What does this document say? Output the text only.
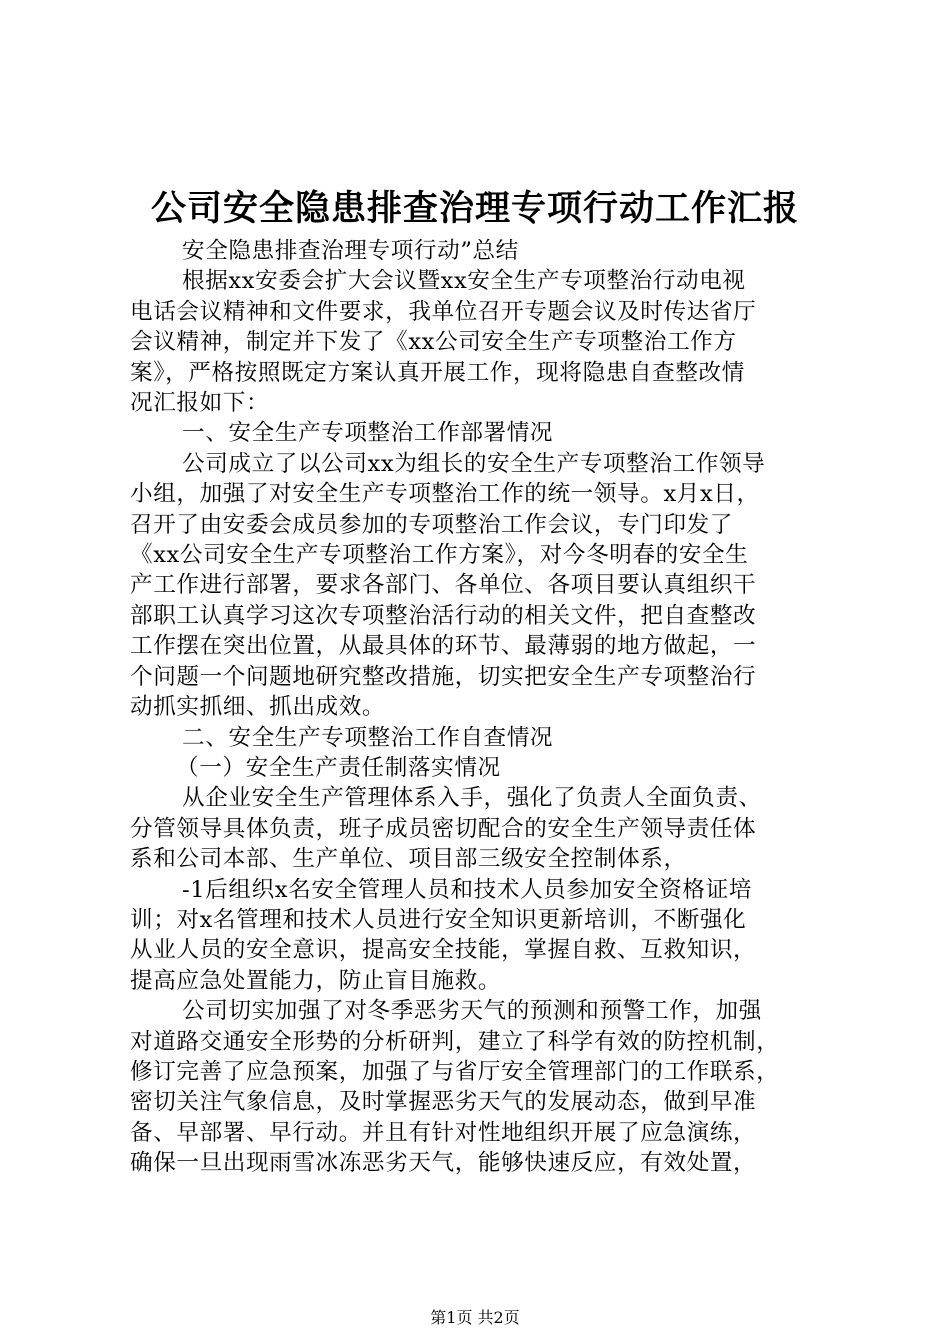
公司安全隐患排查治理专项行动工作汇报
安全隐患排查治理专项行动”总结
根据xx安委会扩大会议暨xx安全生产专项整治行动电视
电话会议精神和文件要求，我单位召开专题会议及时传达省厅
会议精神，制定并下发了《xx公司安全生产专项整治工作方
案》，严格按照既定方案认真开展工作，现将隐患自查整改情
况汇报如下：
一、安全生产专项整治工作部署情况
公司成立了以公司xx为组长的安全生产专项整治工作领导
小组，加强了对安全生产专项整治工作的统一领导。x月x日，
召开了由安委会成员参加的专项整治工作会议，专门印发了
《xx公司安全生产专项整治工作方案》，对今冬明春的安全生
产工作进行部署，要求各部门、各单位、各项目要认真组织干
部职工认真学习这次专项整治活行动的相关文件，把自查整改
工作摆在突出位置，从最具体的环节、最薄弱的地方做起，一
个问题一个问题地研究整改措施，切实把安全生产专项整治行
动抓实抓细、抓出成效。
二、安全生产专项整治工作自查情况
（一）安全生产责任制落实情况
从企业安全生产管理体系入手，强化了负责人全面负责、
分管领导具体负责，班子成员密切配合的安全生产领导责任体
系和公司本部、生产单位、项目部三级安全控制体系，
-1后组织x名安全管理人员和技术人员参加安全资格证培
训；对x名管理和技术人员进行安全知识更新培训，不断强化
从业人员的安全意识，提高安全技能，掌握自救、互救知识，
提高应急处置能力，防止盲目施救。
公司切实加强了对冬季恶劣天气的预测和预警工作，加强
对道路交通安全形势的分析研判，建立了科学有效的防控机制，
修订完善了应急预案，加强了与省厅安全管理部门的工作联系，
密切关注气象信息，及时掌握恶劣天气的发展动态，做到早准
备、早部署、早行动。并且有针对性地组织开展了应急演练，
确保一旦出现雨雪冰冻恶劣天气，能够快速反应，有效处置，
第1页 共2页
